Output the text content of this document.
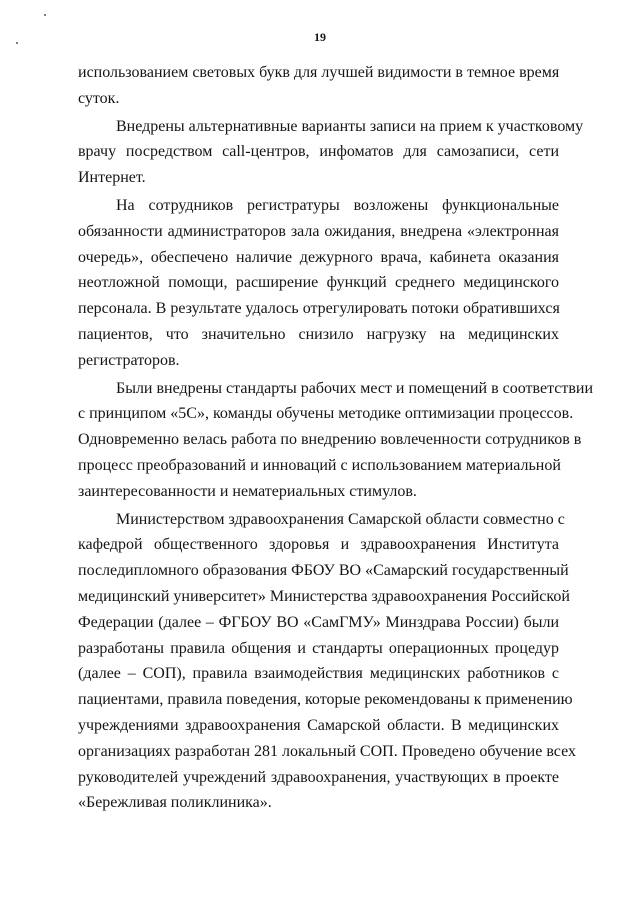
19
использованием световых букв для лучшей видимости в темное время
суток.
Внедрены альтернативные варианты записи на прием к участковому
врачу посредством call-центров, инфоматов для самозаписи, сети
Интернет.
На сотрудников регистратуры возложены функциональные
обязанности администраторов зала ожидания, внедрена «электронная
очередь», обеспечено наличие дежурного врача, кабинета оказания
неотложной помощи, расширение функций среднего медицинского
персонала. В результате удалось отрегулировать потоки обратившихся
пациентов, что значительно снизило нагрузку на медицинских
регистраторов.
Были внедрены стандарты рабочих мест и помещений в соответствии
с принципом «5С», команды обучены методике оптимизации процессов.
Одновременно велась работа по внедрению вовлеченности сотрудников в
процесс преобразований и инноваций с использованием материальной
заинтересованности и нематериальных стимулов.
Министерством здравоохранения Самарской области совместно с
кафедрой общественного здоровья и здравоохранения Института
последипломного образования ФБОУ ВО «Самарский государственный
медицинский университет» Министерства здравоохранения Российской
Федерации (далее – ФГБОУ ВО «СамГМУ» Минздрава России) были
разработаны правила общения и стандарты операционных процедур
(далее – СОП), правила взаимодействия медицинских работников с
пациентами, правила поведения, которые рекомендованы к применению
учреждениями здравоохранения Самарской области. В медицинских
организациях разработан 281 локальный СОП. Проведено обучение всех
руководителей учреждений здравоохранения, участвующих в проекте
«Бережливая поликлиника».
